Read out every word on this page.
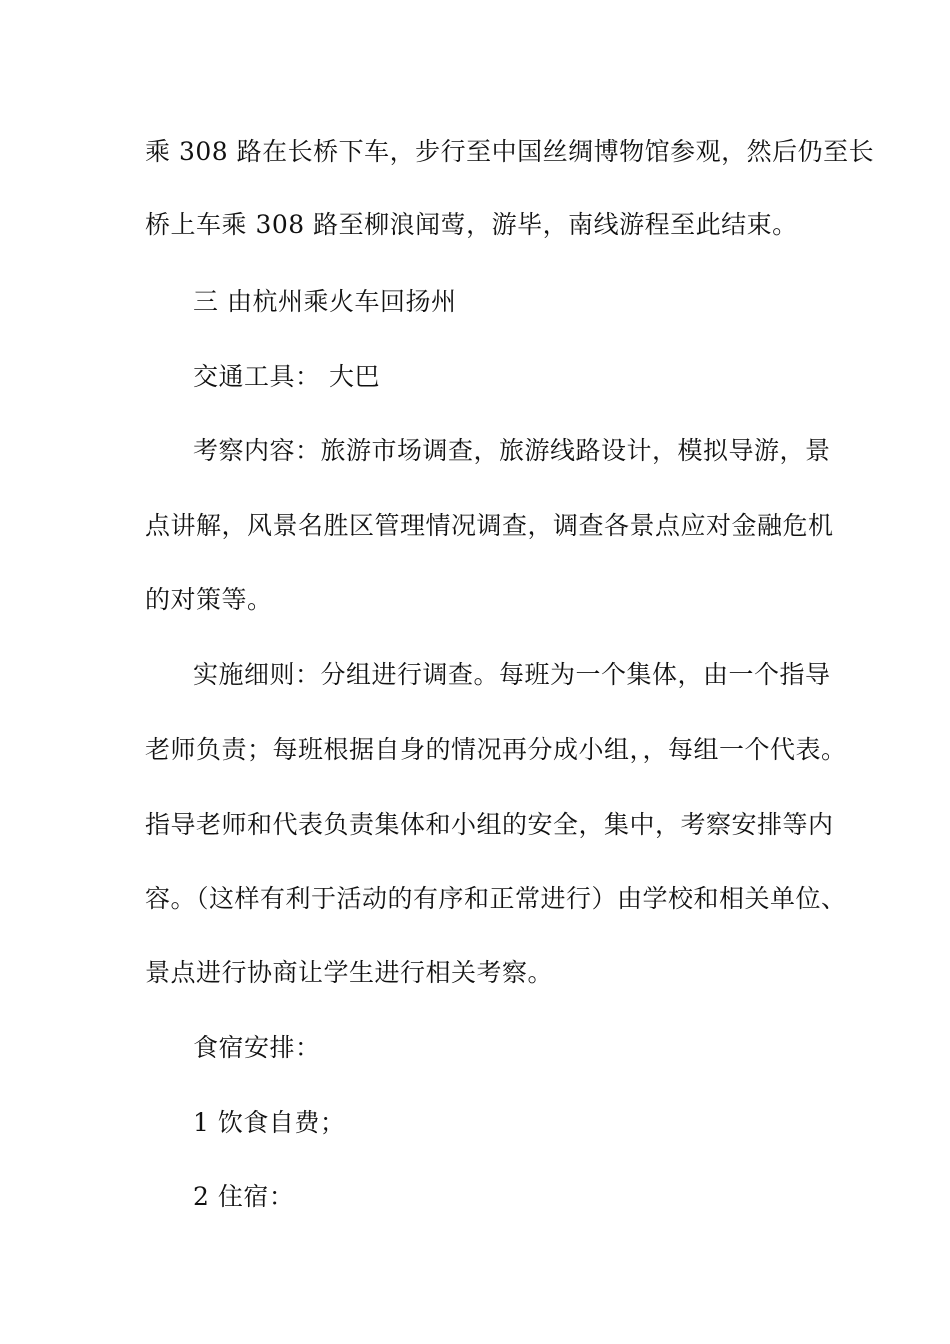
乘 308 路在长桥下车，步行至中国丝绸博物馆参观，然后仍至长
桥上车乘 308 路至柳浪闻莺，游毕，南线游程至此结束。
三 由杭州乘火车回扬州
交通工具： 大巴
考察内容：旅游市场调查，旅游线路设计，模拟导游，景
点讲解，风景名胜区管理情况调查，调查各景点应对金融危机
的对策等。
实施细则：分组进行调查。每班为一个集体，由一个指导
老师负责；每班根据自身的情况再分成小组，，每组一个代表。
指导老师和代表负责集体和小组的安全，集中，考察安排等内
容。（这样有利于活动的有序和正常进行）由学校和相关单位、
景点进行协商让学生进行相关考察。
食宿安排：
1 饮食自费；
2 住宿：
